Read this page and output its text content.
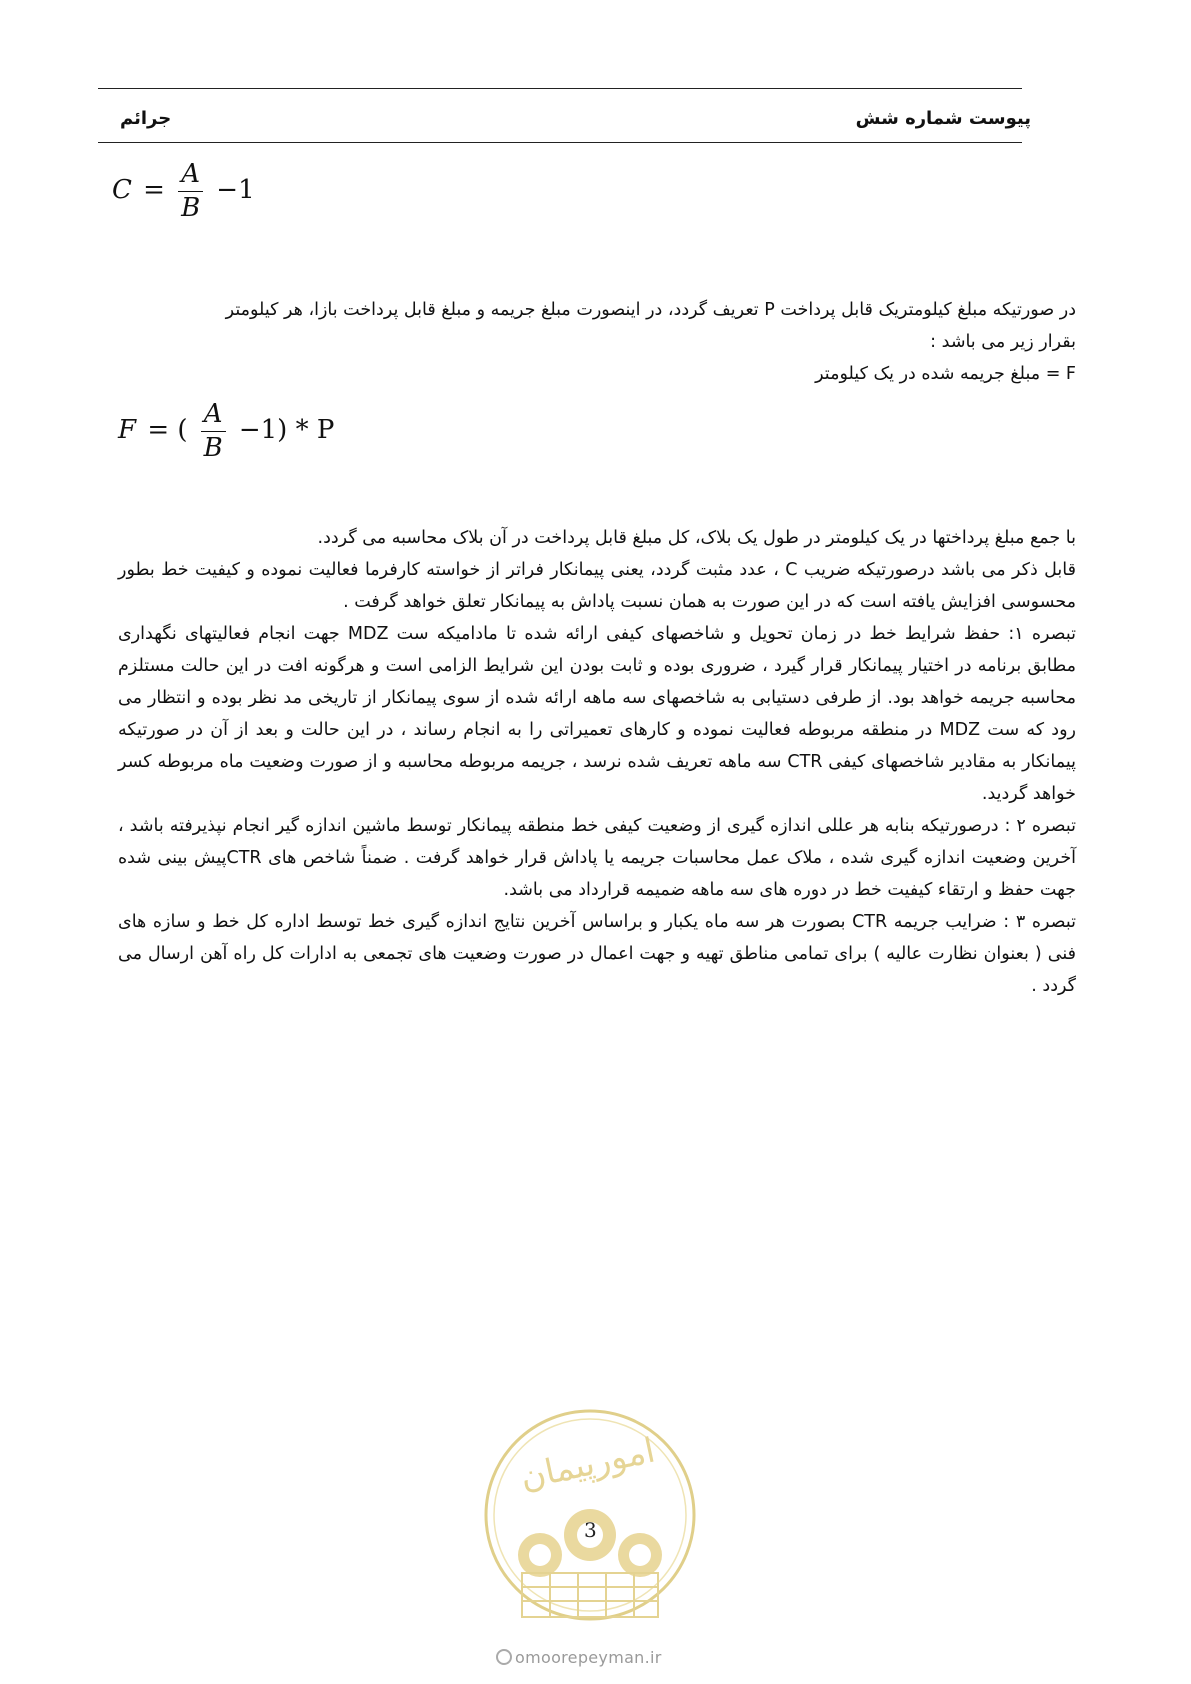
پیوست شماره شش
جرائم
$C = \frac{A}{B} -1$

در صورتیکه مبلغ کیلومتریک قابل پرداخت P تعریف گردد، در اینصورت مبلغ جریمه و مبلغ قابل پرداخت بازا، هر کیلومتر

بقرار زیر می باشد :

F = مبلغ جریمه شده در یک کیلومتر

F = ( $\frac{A}{B} -1) * P$

با جمع مبلغ پرداختها در یک کیلومتر در طول یک بلاک، کل مبلغ قابل پرداخت در آن بلاک محاسبه می گردد.

قابل ذکر می باشد درصورتیکه ضریب C ، عدد مثبت گردد، یعنی پیمانکار فراتر از خواسته کارفرما فعالیت نموده و کیفیت خط بطور محسوسی افزایش یافته است که در این صورت به همان نسبت پاداش به پیمانکار تعلق خواهد گرفت .

تبصره ۱: حفظ شرایط خط در زمان تحویل و شاخصهای کیفی ارائه شده تا مادامیکه ست MDZ جهت انجام فعالیتهای نگهداری مطابق برنامه در اختیار پیمانکار قرار گیرد ، ضروری بوده و ثابت بودن این شرایط الزامی است و هرگونه افت در این حالت مستلزم محاسبه جریمه خواهد بود. از طرفی دستیابی به شاخصهای سه ماهه ارائه شده از سوی پیمانکار از تاریخی مد نظر بوده و انتظار می رود که ست MDZ در منطقه مربوطه فعالیت نموده و کارهای تعمیراتی را به انجام رساند ، در این حالت و بعد از آن در صورتیکه پیمانکار به مقادیر شاخصهای کیفی CTR سه ماهه تعریف شده نرسد ، جریمه مربوطه محاسبه و از صورت وضعیت ماه مربوطه کسر خواهد گردید.

تبصره ۲ : درصورتیکه بنابه هر عللی اندازه گیری از وضعیت کیفی خط منطقه پیمانکار توسط ماشین اندازه گیر انجام نپذیرفته باشد ، آخرین وضعیت اندازه گیری شده ، ملاک عمل محاسبات جریمه یا پاداش قرار خواهد گرفت . ضمناً شاخص های CTRپیش بینی شده جهت حفظ و ارتقاء کیفیت خط در دوره های سه ماهه ضمیمه قرارداد می باشد.

تبصره ۳ : ضرایب جریمه CTR بصورت هر سه ماه یکبار و براساس آخرین نتایج اندازه گیری خط توسط اداره کل خط و سازه های فنی ( بعنوان نظارت عالیه ) برای تمامی مناطق تهیه و جهت اعمال در صورت وضعیت های تجمعی به ادارات کل راه آهن ارسال می گردد .

امورپیمان
3
omoorepeyman.ir
